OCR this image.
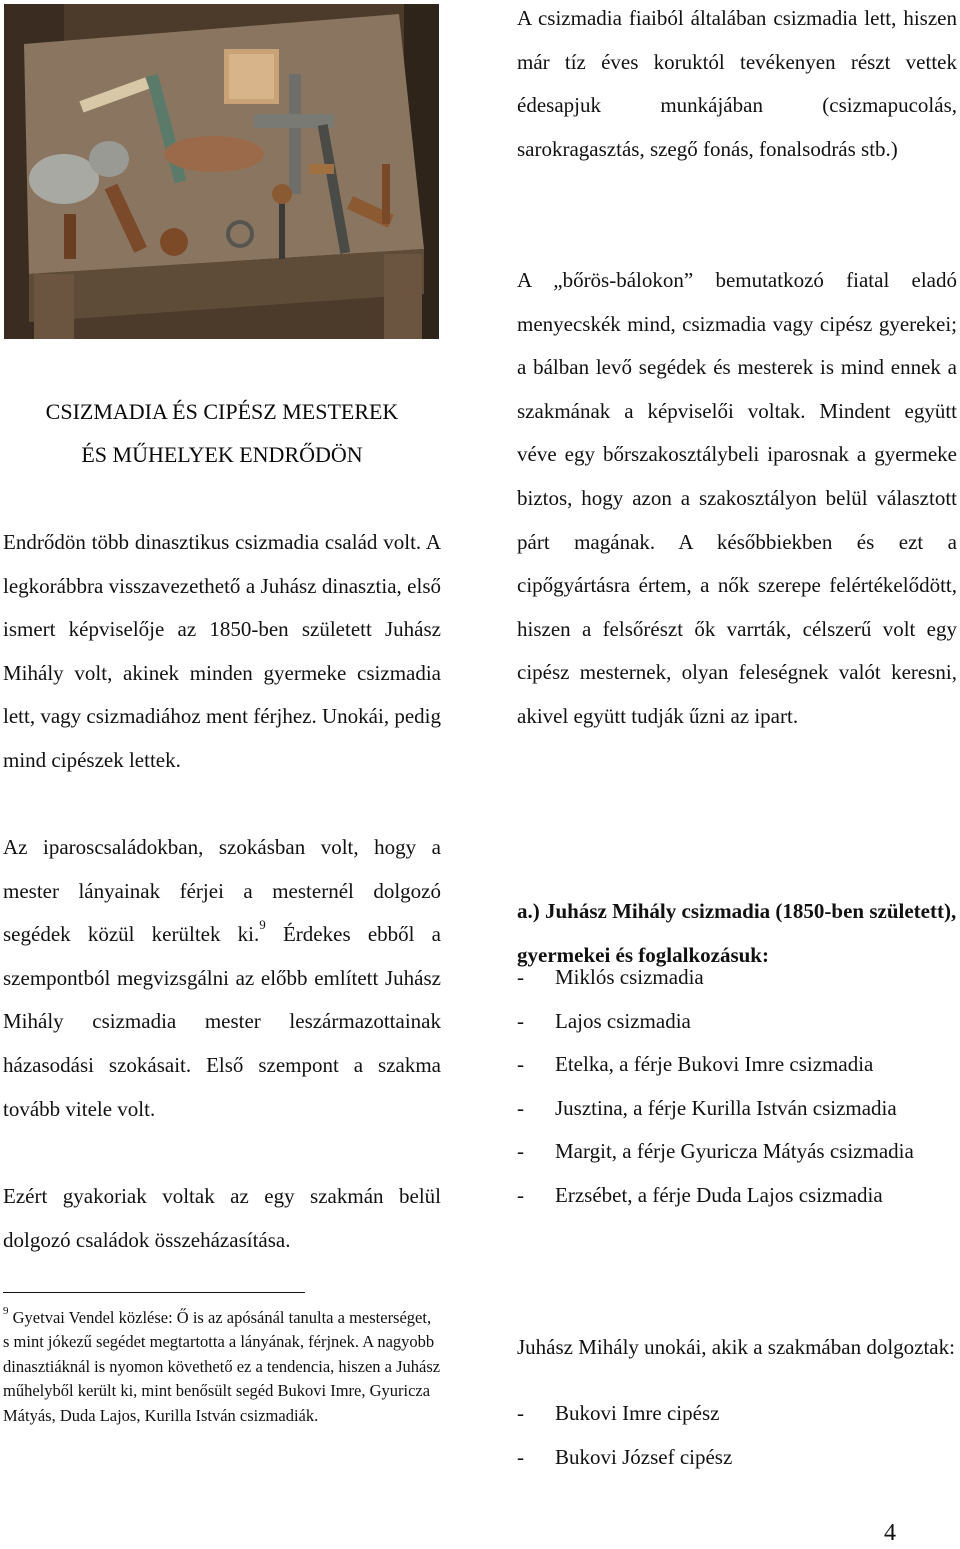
CSIZMADIA ÉS CIPÉSZ MESTEREK
ÉS MŰHELYEK ENDRŐDÖN

Endrődön több dinasztikus csizmadia család volt. A legkorábbra visszavezethető a Juhász dinasztia, első ismert képviselője az 1850-ben született Juhász Mihály volt, akinek minden gyermeke csizmadia lett, vagy csizmadiához ment férjhez. Unokái, pedig mind cipészek lettek.

Az iparoscsaládokban, szokásban volt, hogy a mester lányainak férjei a mesternél dolgozó segédek közül kerültek ki.$^9$ Érdekes ebből a szempontból megvizsgálni az előbb említett Juhász Mihály csizmadia mester leszármazottainak házasodási szokásait. Első szempont a szakma tovább vitele volt.

Ezért gyakoriak voltak az egy szakmán belül dolgozó családok összeházasítása.

$^9$ Gyetvai Vendel közlése: Ő is az apósánál tanulta a mesterséget, s mint jókezű segédet megtartotta a lányának, férjnek. A nagyobb dinasztiáknál is nyomon követhető ez a tendencia, hiszen a Juhász műhelyből került ki, mint benősült segéd Bukovi Imre, Gyuricza Mátyás, Duda Lajos, Kurilla István csizmadiák.

A csizmadia fiaiból általában csizmadia lett, hiszen már tíz éves koruktól tevékenyen részt vettek édesapjuk munkájában (csizmapucolás, sarokragasztás, szegő fonás, fonalsodrás stb.)

A „bőrös-bálokon” bemutatkozó fiatal eladó menyecskék mind, csizmadia vagy cipész gyerekei; a bálban levő segédek és mesterek is mind ennek a szakmának a képviselői voltak. Mindent együtt véve egy bőrszakosztálybeli iparosnak a gyermeke biztos, hogy azon a szakosztályon belül választott párt magának. A későbbiekben és ezt a cipőgyártásra értem, a nők szerepe felértékelődött, hiszen a felsőrészt ők varrták, célszerű volt egy cipész mesternek, olyan feleségnek valót keresni, akivel együtt tudják űzni az ipart.

a.) Juhász Mihály csizmadia (1850-ben született), gyermekei és foglalkozásuk:

- Miklós csizmadia
- Lajos csizmadia
- Etelka, a férje Bukovi Imre csizmadia
- Jusztina, a férje Kurilla István csizmadia
- Margit, a férje Gyuricza Mátyás csizmadia
- Erzsébet, a férje Duda Lajos csizmadia

Juhász Mihály unokái, akik a szakmában dolgoztak:

- Bukovi Imre cipész
- Bukovi József cipész
4
